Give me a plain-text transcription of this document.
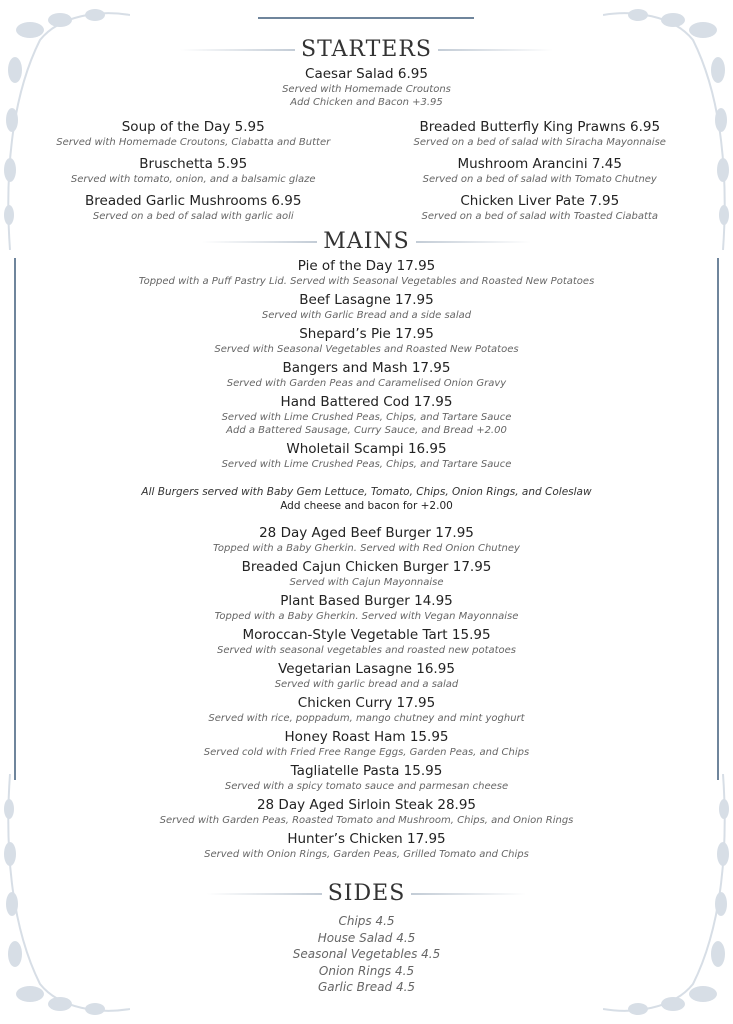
STARTERS
Caesar Salad 6.95
Served with Homemade Croutons
Add Chicken and Bacon +3.95
Soup of the Day 5.95
Served with Homemade Croutons, Ciabatta and Butter
Breaded Butterfly King Prawns 6.95
Served on a bed of salad with Siracha Mayonnaise
Bruschetta 5.95
Served with tomato, onion, and a balsamic glaze
Mushroom Arancini 7.45
Served on a bed of salad with Tomato Chutney
Breaded Garlic Mushrooms 6.95
Served on a bed of salad with garlic aoli
Chicken Liver Pate 7.95
Served on a bed of salad with Toasted Ciabatta
MAINS
Pie of the Day 17.95
Topped with a Puff Pastry Lid. Served with Seasonal Vegetables and Roasted New Potatoes
Beef Lasagne 17.95
Served with Garlic Bread and a side salad
Shepard’s Pie 17.95
Served with Seasonal Vegetables and Roasted New Potatoes
Bangers and Mash 17.95
Served with Garden Peas and Caramelised Onion Gravy
Hand Battered Cod 17.95
Served with Lime Crushed Peas, Chips, and Tartare Sauce
Add a Battered Sausage, Curry Sauce, and Bread +2.00
Wholetail Scampi 16.95
Served with Lime Crushed Peas, Chips, and Tartare Sauce
All Burgers served with Baby Gem Lettuce, Tomato, Chips, Onion Rings, and Coleslaw
Add cheese and bacon for +2.00
28 Day Aged Beef Burger 17.95
Topped with a Baby Gherkin. Served with Red Onion Chutney
Breaded Cajun Chicken Burger 17.95
Served with Cajun Mayonnaise
Plant Based Burger 14.95
Topped with a Baby Gherkin. Served with Vegan Mayonnaise
Moroccan-Style Vegetable Tart 15.95
Served with seasonal vegetables and roasted new potatoes
Vegetarian Lasagne 16.95
Served with garlic bread and a salad
Chicken Curry 17.95
Served with rice, poppadum, mango chutney and mint yoghurt
Honey Roast Ham 15.95
Served cold with Fried Free Range Eggs, Garden Peas, and Chips
Tagliatelle Pasta 15.95
Served with a spicy tomato sauce and parmesan cheese
28 Day Aged Sirloin Steak 28.95
Served with Garden Peas, Roasted Tomato and Mushroom, Chips, and Onion Rings
Hunter’s Chicken 17.95
Served with Onion Rings, Garden Peas, Grilled Tomato and Chips
SIDES
Chips 4.5
House Salad 4.5
Seasonal Vegetables 4.5
Onion Rings 4.5
Garlic Bread 4.5
